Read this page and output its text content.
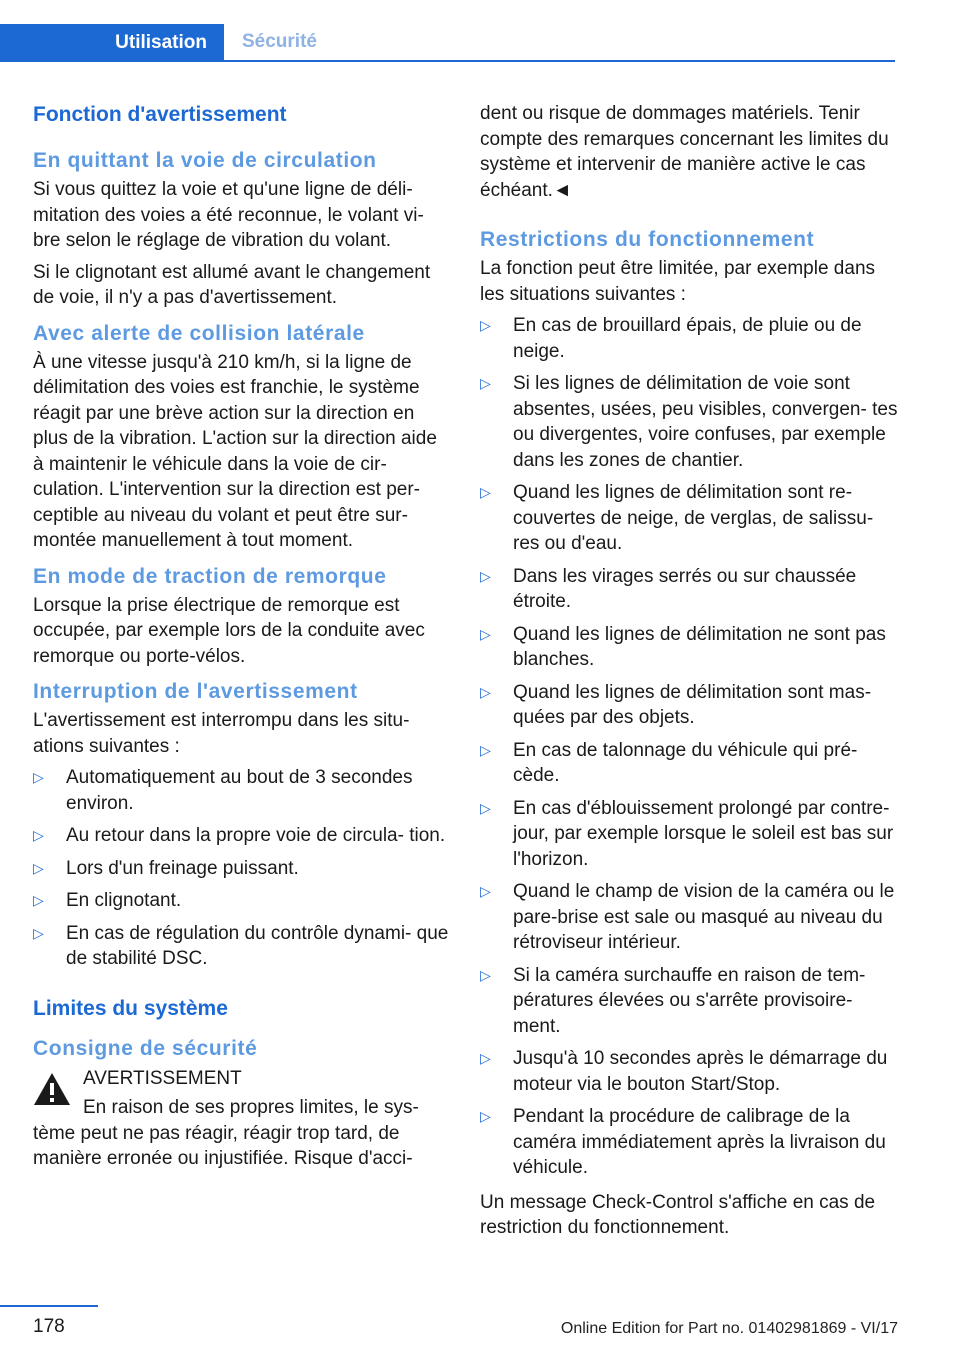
Utilisation	Sécurité
Fonction d'avertissement
En quittant la voie de circulation

Si vous quittez la voie et qu'une ligne de déli- mitation des voies a été reconnue, le volant vi- bre selon le réglage de vibration du volant.

Si le clignotant est allumé avant le changement de voie, il n'y a pas d'avertissement.

Avec alerte de collision latérale

À une vitesse jusqu'à 210 km/h, si la ligne de délimitation des voies est franchie, le système réagit par une brève action sur la direction en plus de la vibration. L'action sur la direction aide à maintenir le véhicule dans la voie de cir- culation. L'intervention sur la direction est per- ceptible au niveau du volant et peut être sur- montée manuellement à tout moment.

En mode de traction de remorque

Lorsque la prise électrique de remorque est occupée, par exemple lors de la conduite avec remorque ou porte-vélos.

Interruption de l'avertissement

L'avertissement est interrompu dans les situ- ations suivantes :

▷ Automatiquement au bout de 3 secondes environ.
▷ Au retour dans la propre voie de circula- tion.
▷ Lors d'un freinage puissant.
▷ En clignotant.
▷ En cas de régulation du contrôle dynami- que de stabilité DSC.
Limites du système
Consigne de sécurité
AVERTISSEMENT
En raison de ses propres limites, le sys-
tème peut ne pas réagir, réagir trop tard, de manière erronée ou injustifiée. Risque d'acci-

dent ou risque de dommages matériels. Tenir compte des remarques concernant les limites du système et intervenir de manière active le cas échéant.◄

Restrictions du fonctionnement

La fonction peut être limitée, par exemple dans les situations suivantes :

▷ En cas de brouillard épais, de pluie ou de neige.
▷ Si les lignes de délimitation de voie sont absentes, usées, peu visibles, convergen- tes ou divergentes, voire confuses, par exemple dans les zones de chantier.
▷ Quand les lignes de délimitation sont re- couvertes de neige, de verglas, de salissu- res ou d'eau.
▷ Dans les virages serrés ou sur chaussée étroite.
▷ Quand les lignes de délimitation ne sont pas blanches.
▷ Quand les lignes de délimitation sont mas- quées par des objets.
▷ En cas de talonnage du véhicule qui pré- cède.
▷ En cas d'éblouissement prolongé par contre-jour, par exemple lorsque le soleil est bas sur l'horizon.
▷ Quand le champ de vision de la caméra ou le pare-brise est sale ou masqué au niveau du rétroviseur intérieur.
▷ Si la caméra surchauffe en raison de tem- pératures élevées ou s'arrête provisoire- ment.
▷ Jusqu'à 10 secondes après le démarrage du moteur via le bouton Start/Stop.
▷ Pendant la procédure de calibrage de la caméra immédiatement après la livraison du véhicule.

Un message Check-Control s'affiche en cas de restriction du fonctionnement.

178	Online Edition for Part no. 01402981869 - VI/17
